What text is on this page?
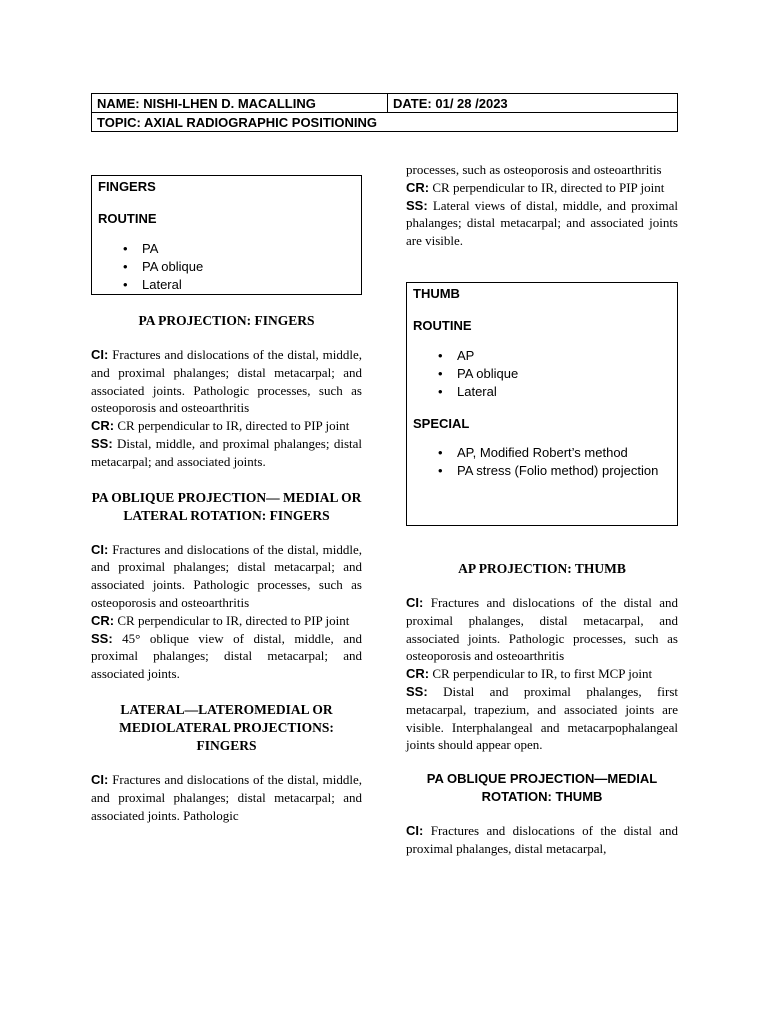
NAME: NISHI-LHEN D. MACALLING	DATE: 01/ 28 /2023
TOPIC: AXIAL RADIOGRAPHIC POSITIONING

FINGERS

ROUTINE

• PA
• PA oblique
• Lateral
PA PROJECTION: FINGERS

CI: Fractures and dislocations of the distal, middle, and proximal phalanges; distal metacarpal; and associated joints. Pathologic processes, such as osteoporosis and osteoarthritis

CR: CR perpendicular to IR, directed to PIP joint

SS: Distal, middle, and proximal phalanges; distal metacarpal; and associated joints.

PA OBLIQUE PROJECTION— MEDIAL OR LATERAL ROTATION: FINGERS

CI: Fractures and dislocations of the distal, middle, and proximal phalanges; distal metacarpal; and associated joints. Pathologic processes, such as osteoporosis and osteoarthritis

CR: CR perpendicular to IR, directed to PIP joint

SS: 45° oblique view of distal, middle, and proximal phalanges; distal metacarpal; and associated joints.

LATERAL—LATEROMEDIAL OR MEDIOLATERAL PROJECTIONS: FINGERS

CI: Fractures and dislocations of the distal, middle, and proximal phalanges; distal metacarpal; and associated joints. Pathologic

processes, such as osteoporosis and osteoarthritis

CR: CR perpendicular to IR, directed to PIP joint

SS: Lateral views of distal, middle, and proximal phalanges; distal metacarpal; and associated joints are visible.

THUMB

ROUTINE

• AP
• PA oblique
• Lateral

SPECIAL

• AP, Modified Robert’s method
• PA stress (Folio method) projection
AP PROJECTION: THUMB

CI: Fractures and dislocations of the distal and proximal phalanges, distal metacarpal, and associated joints. Pathologic processes, such as osteoporosis and osteoarthritis

CR: CR perpendicular to IR, to first MCP joint

SS: Distal and proximal phalanges, first metacarpal, trapezium, and associated joints are visible. Interphalangeal and metacarpophalangeal joints should appear open.

PA OBLIQUE PROJECTION—MEDIAL ROTATION: THUMB

CI: Fractures and dislocations of the distal and proximal phalanges, distal metacarpal,
